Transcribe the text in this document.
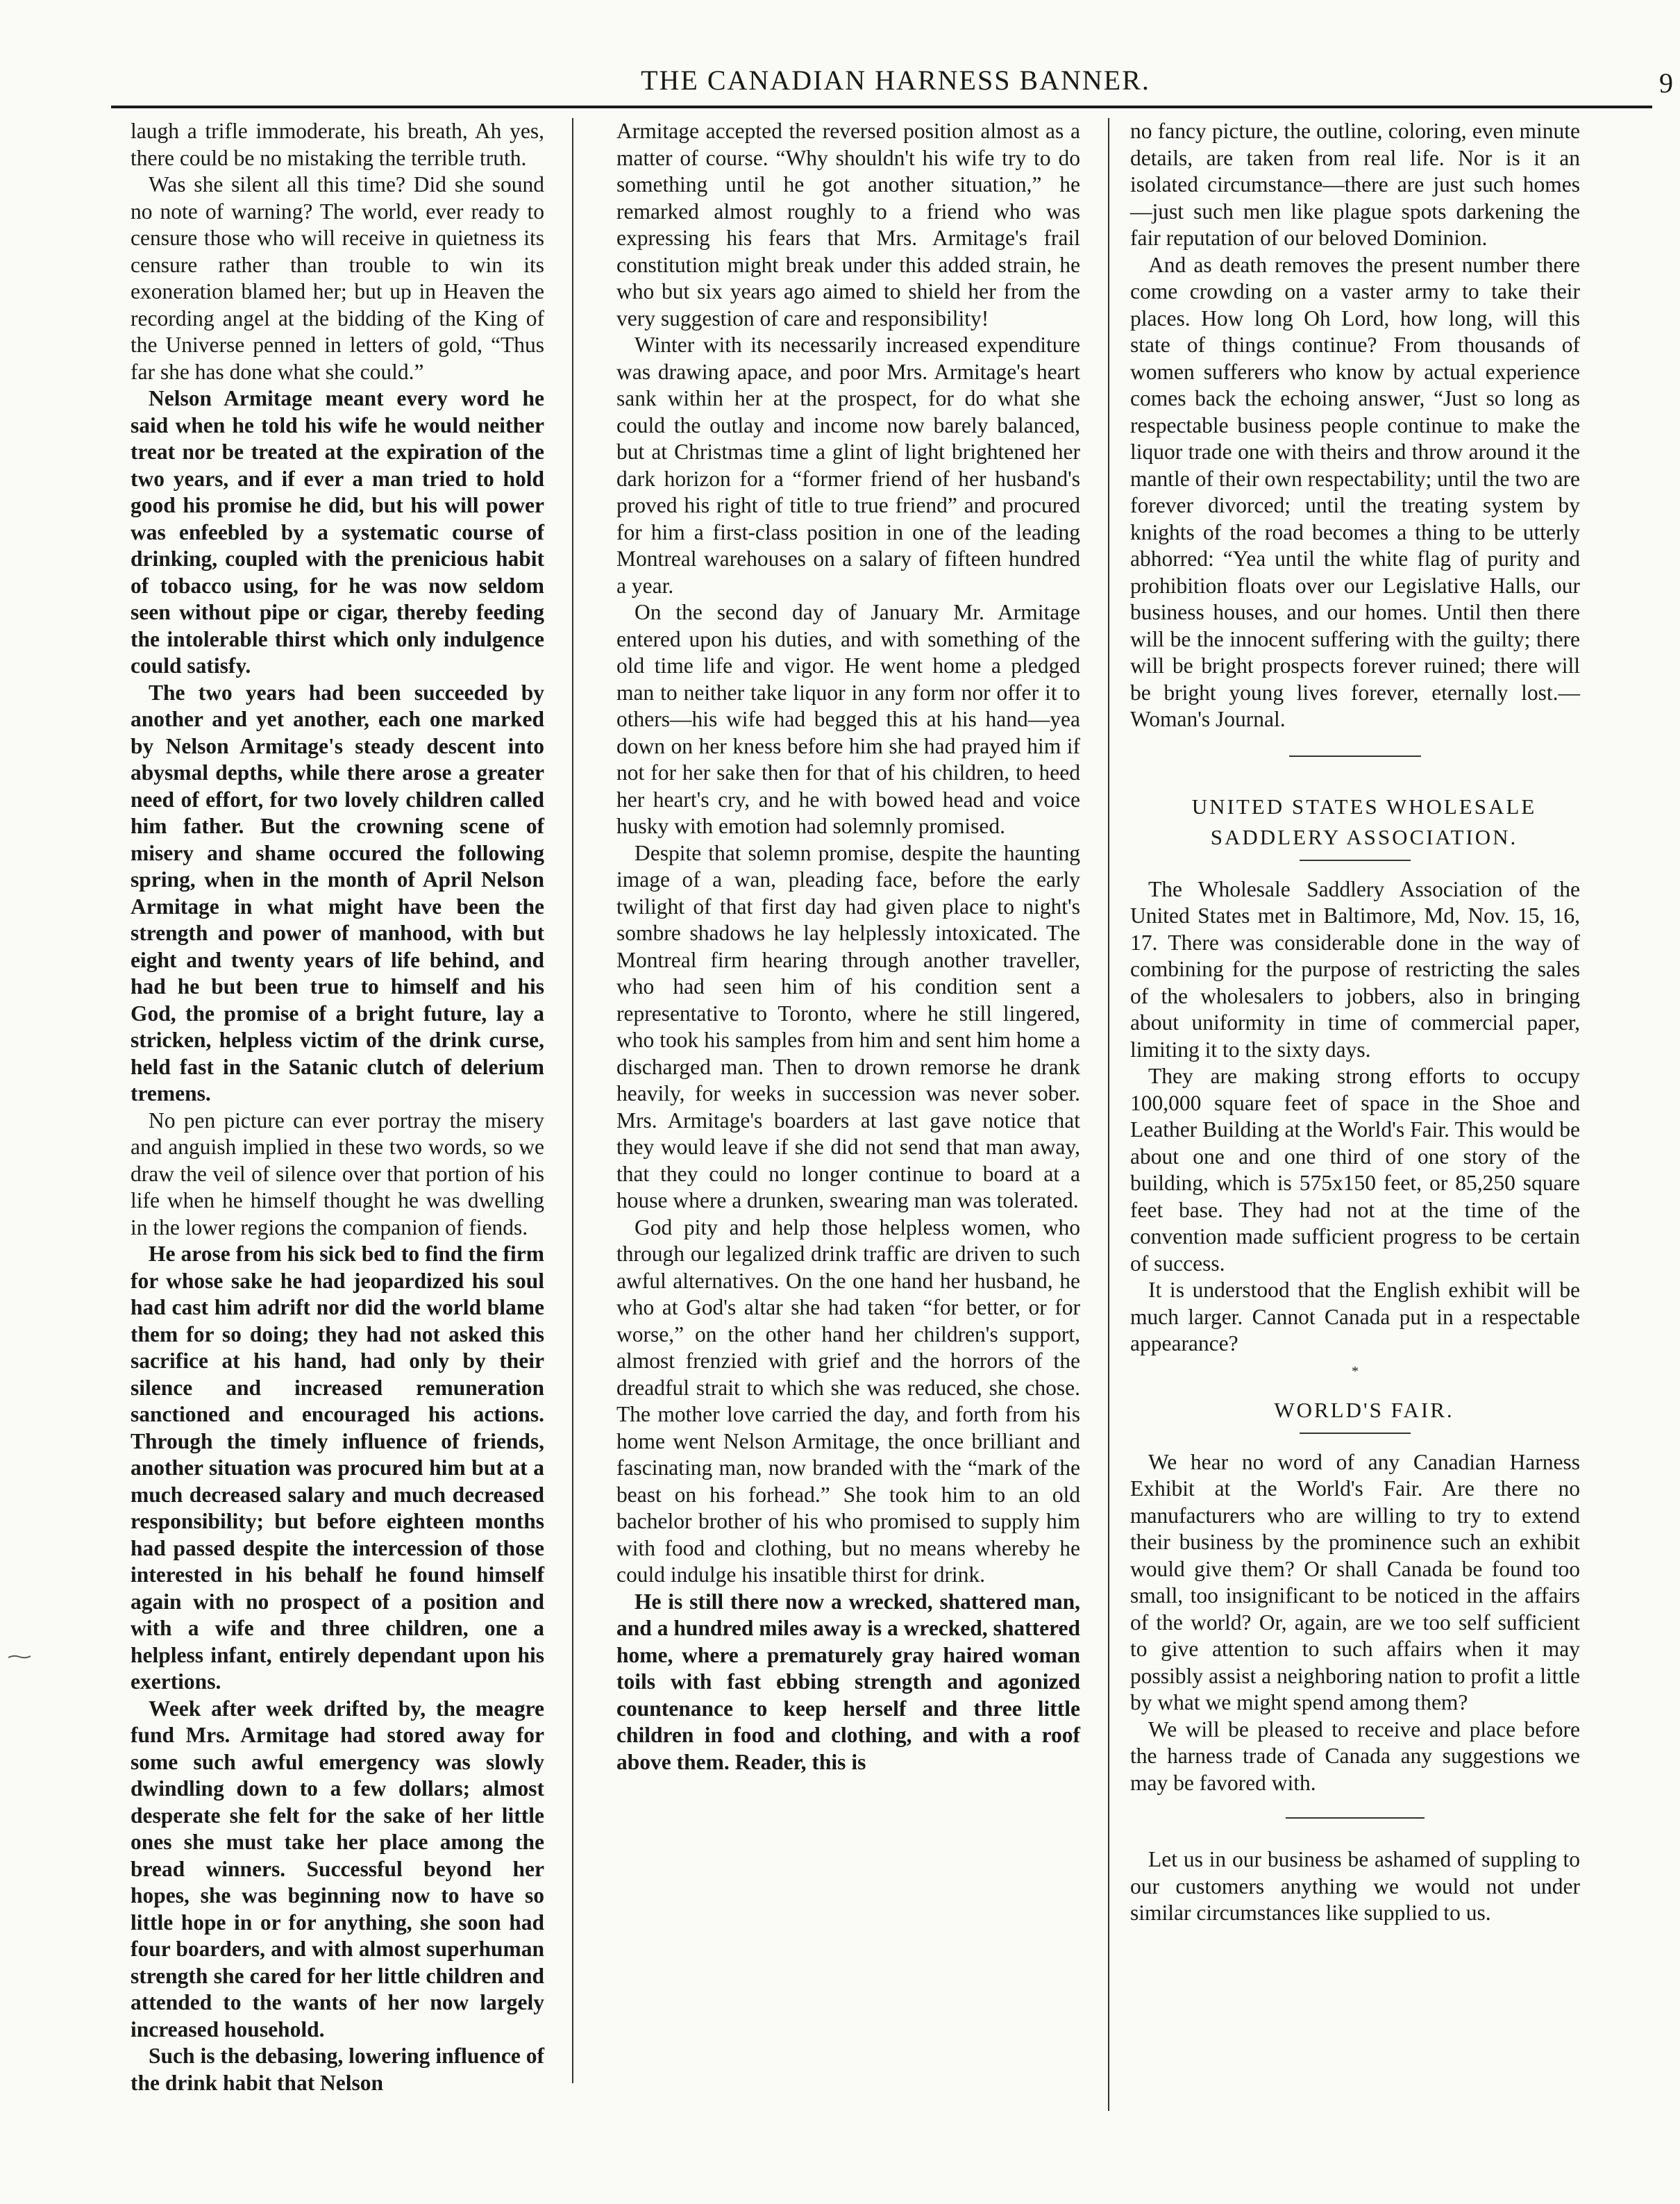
THE CANADIAN HARNESS BANNER.	9

laugh a trifle immoderate, his breath, Ah yes, there could be no mistaking the terrible truth.

Was she silent all this time? Did she sound no note of warning? The world, ever ready to censure those who will receive in quietness its censure rather than trouble to win its exoneration blamed her; but up in Heaven the recording angel at the bidding of the King of the Universe penned in letters of gold, “Thus far she has done what she could.”

Nelson Armitage meant every word he said when he told his wife he would neither treat nor be treated at the expiration of the two years, and if ever a man tried to hold good his promise he did, but his will power was enfeebled by a systematic course of drinking, coupled with the prenicious habit of tobacco using, for he was now seldom seen without pipe or cigar, thereby feeding the intolerable thirst which only indulgence could satisfy.

The two years had been succeeded by another and yet another, each one marked by Nelson Armitage's steady descent into abysmal depths, while there arose a greater need of effort, for two lovely children called him father. But the crowning scene of misery and shame occured the following spring, when in the month of April Nelson Armitage in what might have been the strength and power of manhood, with but eight and twenty years of life behind, and had he but been true to himself and his God, the promise of a bright future, lay a stricken, helpless victim of the drink curse, held fast in the Satanic clutch of delerium tremens.

No pen picture can ever portray the misery and anguish implied in these two words, so we draw the veil of silence over that portion of his life when he himself thought he was dwelling in the lower regions the companion of fiends.

He arose from his sick bed to find the firm for whose sake he had jeopardized his soul had cast him adrift nor did the world blame them for so doing; they had not asked this sacrifice at his hand, had only by their silence and increased remuneration sanctioned and encouraged his actions. Through the timely influence of friends, another situation was procured him but at a much decreased salary and much decreased responsibility; but before eighteen months had passed despite the intercession of those interested in his behalf he found himself again with no prospect of a position and with a wife and three children, one a helpless infant, entirely dependant upon his exertions.

Week after week drifted by, the meagre fund Mrs. Armitage had stored away for some such awful emergency was slowly dwindling down to a few dollars; almost desperate she felt for the sake of her little ones she must take her place among the bread winners. Successful beyond her hopes, she was beginning now to have so little hope in or for anything, she soon had four boarders, and with almost superhuman strength she cared for her little children and attended to the wants of her now largely increased household.

Such is the debasing, lowering influence of the drink habit that Nelson

Armitage accepted the reversed position almost as a matter of course. “Why shouldn't his wife try to do something until he got another situation,” he remarked almost roughly to a friend who was expressing his fears that Mrs. Armitage's frail constitution might break under this added strain, he who but six years ago aimed to shield her from the very suggestion of care and responsibility!

Winter with its necessarily increased expenditure was drawing apace, and poor Mrs. Armitage's heart sank within her at the prospect, for do what she could the outlay and income now barely balanced, but at Christmas time a glint of light brightened her dark horizon for a “former friend of her husband's proved his right of title to true friend” and procured for him a first-class position in one of the leading Montreal warehouses on a salary of fifteen hundred a year.

On the second day of January Mr. Armitage entered upon his duties, and with something of the old time life and vigor. He went home a pledged man to neither take liquor in any form nor offer it to others—his wife had begged this at his hand—yea down on her kness before him she had prayed him if not for her sake then for that of his children, to heed her heart's cry, and he with bowed head and voice husky with emotion had solemnly promised.

Despite that solemn promise, despite the haunting image of a wan, pleading face, before the early twilight of that first day had given place to night's sombre shadows he lay helplessly intoxicated. The Montreal firm hearing through another traveller, who had seen him of his condition sent a representative to Toronto, where he still lingered, who took his samples from him and sent him home a discharged man. Then to drown remorse he drank heavily, for weeks in succession was never sober. Mrs. Armitage's boarders at last gave notice that they would leave if she did not send that man away, that they could no longer continue to board at a house where a drunken, swearing man was tolerated.

God pity and help those helpless women, who through our legalized drink traffic are driven to such awful alternatives. On the one hand her husband, he who at God's altar she had taken “for better, or for worse,” on the other hand her children's support, almost frenzied with grief and the horrors of the dreadful strait to which she was reduced, she chose. The mother love carried the day, and forth from his home went Nelson Armitage, the once brilliant and fascinating man, now branded with the “mark of the beast on his forhead.” She took him to an old bachelor brother of his who promised to supply him with food and clothing, but no means whereby he could indulge his insatible thirst for drink.

He is still there now a wrecked, shattered man, and a hundred miles away is a wrecked, shattered home, where a prematurely gray haired woman toils with fast ebbing strength and agonized countenance to keep herself and three little children in food and clothing, and with a roof above them. Reader, this is

no fancy picture, the outline, coloring, even minute details, are taken from real life. Nor is it an isolated circumstance—there are just such homes—just such men like plague spots darkening the fair reputation of our beloved Dominion.

And as death removes the present number there come crowding on a vaster army to take their places. How long Oh Lord, how long, will this state of things continue? From thousands of women sufferers who know by actual experience comes back the echoing answer, “Just so long as respectable business people continue to make the liquor trade one with theirs and throw around it the mantle of their own respectability; until the two are forever divorced; until the treating system by knights of the road becomes a thing to be utterly abhorred: “Yea until the white flag of purity and prohibition floats over our Legislative Halls, our business houses, and our homes. Until then there will be the innocent suffering with the guilty; there will be bright prospects forever ruined; there will be bright young lives forever, eternally lost.—Woman's Journal.

UNITED STATES WHOLESALE

SADDLERY ASSOCIATION.

The Wholesale Saddlery Association of the United States met in Baltimore, Md, Nov. 15, 16, 17. There was considerable done in the way of combining for the purpose of restricting the sales of the wholesalers to jobbers, also in bringing about uniformity in time of commercial paper, limiting it to the sixty days.

They are making strong efforts to occupy 100,000 square feet of space in the Shoe and Leather Building at the World's Fair. This would be about one and one third of one story of the building, which is 575x150 feet, or 85,250 square feet base. They had not at the time of the convention made sufficient progress to be certain of success.

It is understood that the English exhibit will be much larger. Cannot Canada put in a respectable appearance?

*

WORLD'S FAIR.

We hear no word of any Canadian Harness Exhibit at the World's Fair. Are there no manufacturers who are willing to try to extend their business by the prominence such an exhibit would give them? Or shall Canada be found too small, too insignificant to be noticed in the affairs of the world? Or, again, are we too self sufficient to give attention to such affairs when it may possibly assist a neighboring nation to profit a little by what we might spend among them?

We will be pleased to receive and place before the harness trade of Canada any suggestions we may be favored with.

Let us in our business be ashamed of suppling to our customers anything we would not under similar circumstances like supplied to us.
